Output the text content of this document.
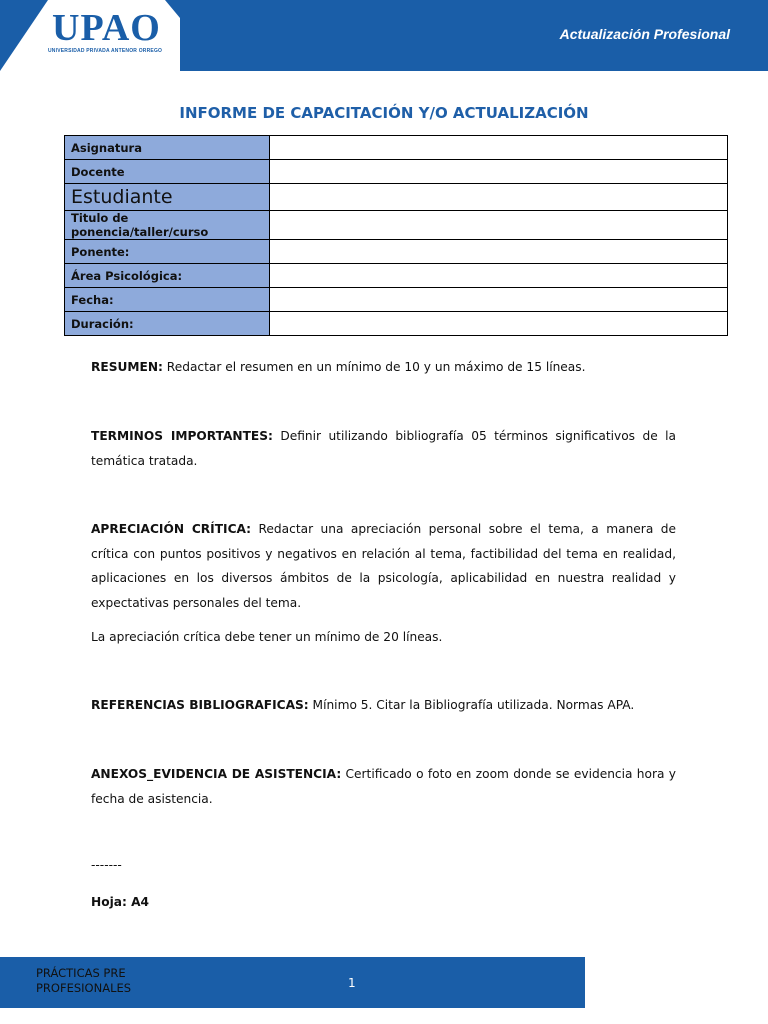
UPAO
UNIVERSIDAD PRIVADA ANTENOR ORREGO
Actualización Profesional
INFORME DE CAPACITACIÓN Y/O ACTUALIZACIÓN
Asignatura	
Docente	
Estudiante	
Titulo de ponencia/taller/curso	
Ponente:	
Área Psicológica:	
Fecha:	
Duración:	
RESUMEN: Redactar el resumen en un mínimo de 10 y un máximo de 15 líneas.
TERMINOS IMPORTANTES: Definir utilizando bibliografía 05 términos significativos de la temática tratada.
APRECIACIÓN CRÍTICA: Redactar una apreciación personal sobre el tema, a manera de crítica con puntos positivos y negativos en relación al tema, factibilidad del tema en realidad, aplicaciones en los diversos ámbitos de la psicología, aplicabilidad en nuestra realidad y expectativas personales del tema.
La apreciación crítica debe tener un mínimo de 20 líneas.
REFERENCIAS BIBLIOGRAFICAS: Mínimo 5. Citar la Bibliografía utilizada. Normas APA.
ANEXOS_EVIDENCIA DE ASISTENCIA: Certificado o foto en zoom donde se evidencia hora y fecha de asistencia.
-------
Hoja: A4
PRÁCTICAS PRE PROFESIONALES	1
